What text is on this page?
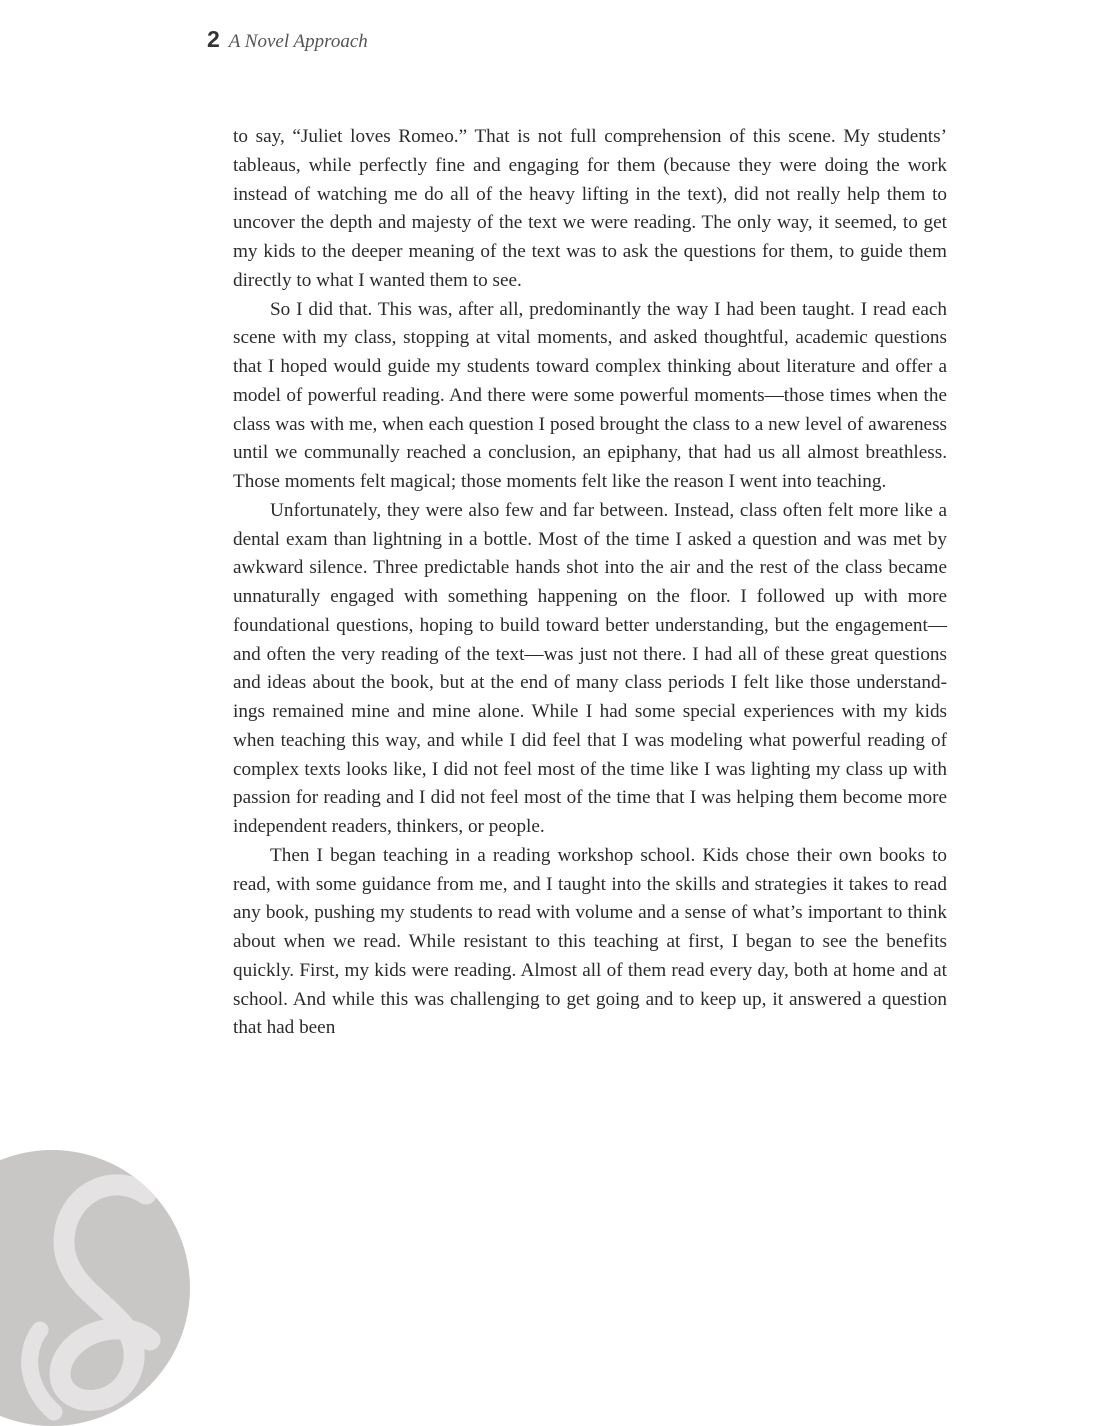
2 A Novel Approach

to say, “Juliet loves Romeo.” That is not full comprehension of this scene. My students’ tableaus, while perfectly fine and engaging for them (because they were doing the work instead of watching me do all of the heavy lifting in the text), did not really help them to uncover the depth and majesty of the text we were reading. The only way, it seemed, to get my kids to the deeper meaning of the text was to ask the questions for them, to guide them directly to what I wanted them to see.

So I did that. This was, after all, predominantly the way I had been taught. I read each scene with my class, stopping at vital moments, and asked thoughtful, academic questions that I hoped would guide my students toward complex thinking about literature and offer a model of powerful reading. And there were some powerful moments—those times when the class was with me, when each question I posed brought the class to a new level of awareness until we communally reached a conclusion, an epiphany, that had us all almost breathless. Those moments felt magical; those moments felt like the reason I went into teaching.

Unfortunately, they were also few and far between. Instead, class often felt more like a dental exam than lightning in a bottle. Most of the time I asked a question and was met by awkward silence. Three predictable hands shot into the air and the rest of the class became unnaturally engaged with something happening on the floor. I followed up with more foundational questions, hoping to build toward better understanding, but the engagement—and often the very reading of the text—was just not there. I had all of these great questions and ideas about the book, but at the end of many class periods I felt like those understandings remained mine and mine alone. While I had some special experiences with my kids when teaching this way, and while I did feel that I was modeling what powerful reading of complex texts looks like, I did not feel most of the time like I was lighting my class up with passion for reading and I did not feel most of the time that I was helping them become more independent readers, thinkers, or people.

Then I began teaching in a reading workshop school. Kids chose their own books to read, with some guidance from me, and I taught into the skills and strategies it takes to read any book, pushing my students to read with volume and a sense of what’s important to think about when we read. While resistant to this teaching at first, I began to see the benefits quickly. First, my kids were reading. Almost all of them read every day, both at home and at school. And while this was challenging to get going and to keep up, it answered a question that had been
